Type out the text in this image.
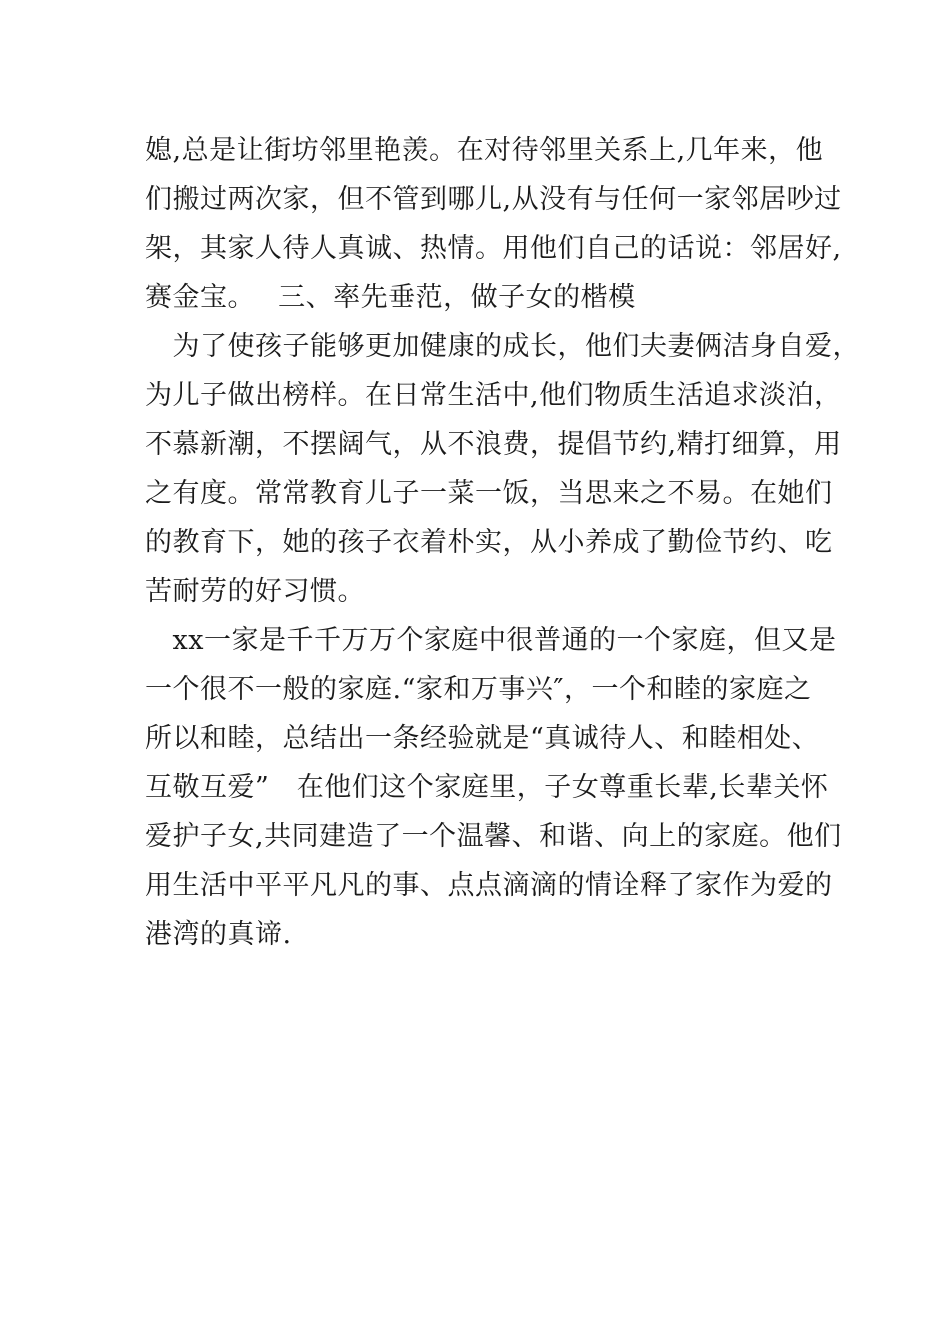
媳,总是让街坊邻里艳羡。在对待邻里关系上,几年来，他
们搬过两次家，但不管到哪儿,从没有与任何一家邻居吵过
架，其家人待人真诚、热情。用他们自己的话说：邻居好,
赛金宝。　 三、率先垂范，做子女的楷模
　为了使孩子能够更加健康的成长，他们夫妻俩洁身自爱，
为儿子做出榜样。在日常生活中,他们物质生活追求淡泊，
不慕新潮，不摆阔气，从不浪费，提倡节约,精打细算，用
之有度。常常教育儿子一菜一饭，当思来之不易。在她们
的教育下，她的孩子衣着朴实，从小养成了勤俭节约、吃
苦耐劳的好习惯。
　xx一家是千千万万个家庭中很普通的一个家庭，但又是
一个很不一般的家庭.“家和万事兴″，一个和睦的家庭之
所以和睦，总结出一条经验就是“真诚待人、和睦相处、
互敬互爱”　在他们这个家庭里，子女尊重长辈,长辈关怀
爱护子女,共同建造了一个温馨、和谐、向上的家庭。他们
用生活中平平凡凡的事、点点滴滴的情诠释了家作为爱的
港湾的真谛.
